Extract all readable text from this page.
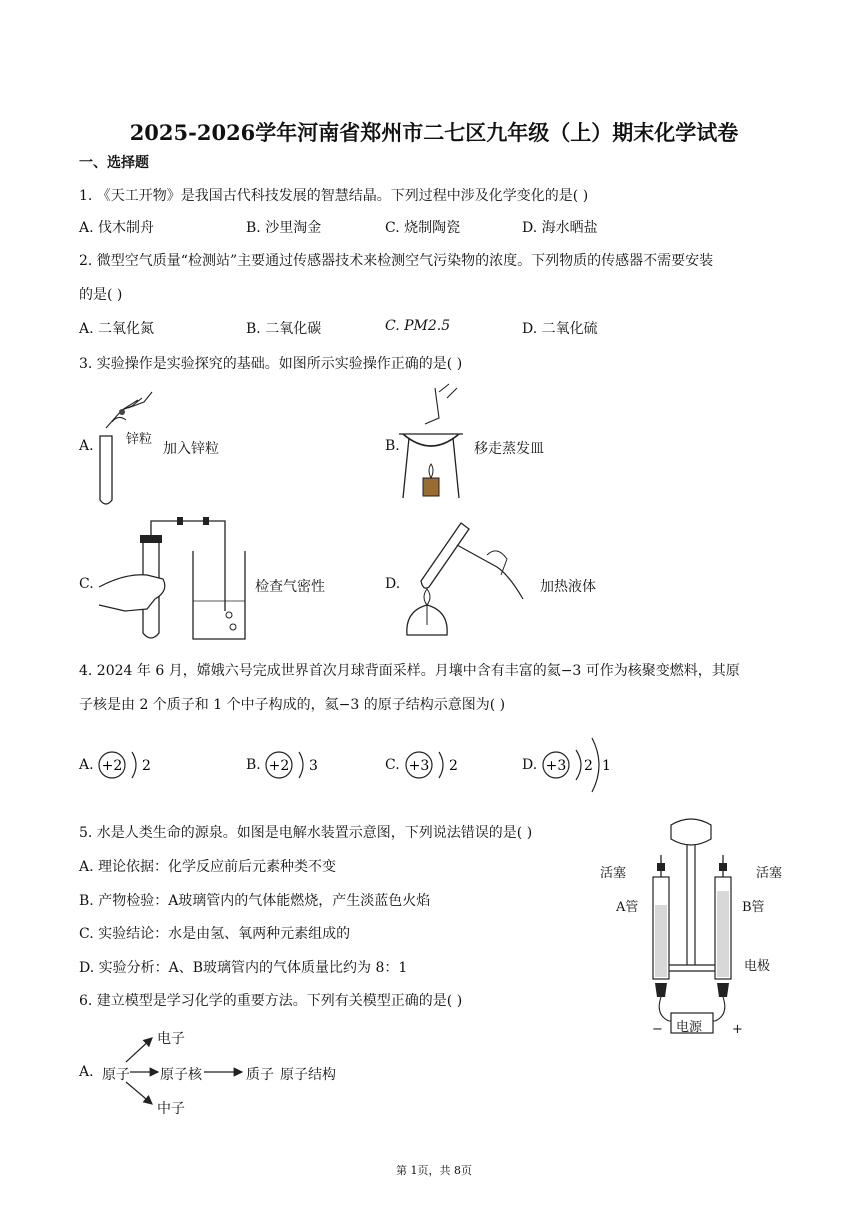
2025-2026学年河南省郑州市二七区九年级（上）期末化学试卷
一、选择题
1. 《天工开物》是我国古代科技发展的智慧结晶。下列过程中涉及化学变化的是( )
A. 伐木制舟	B. 沙里淘金	C. 烧制陶瓷	D. 海水晒盐
2. 微型空气质量“检测站”主要通过传感器技术来检测空气污染物的浓度。下列物质的传感器不需要安装
的是( )
A. 二氧化氮	B. 二氧化碳	C. PM2.5	D. 二氧化硫
3. 实验操作是实验探究的基础。如图所示实验操作正确的是( )
A. 锌粒
加入锌粒	B.	移走蒸发皿
C.	检查气密性	D.	加热液体
4. 2024 年 6 月，嫦娥六号完成世界首次月球背面采样。月壤中含有丰富的氦−3 可作为核聚变燃料，其原
子核是由 2 个质子和 1 个中子构成的，氦−3 的原子结构示意图为( )
A. +2 2	B. +2 3	C. +3 2	D. +3 2 1
5. 水是人类生命的源泉。如图是电解水装置示意图，下列说法错误的是( )
A. 理论依据：化学反应前后元素种类不变
B. 产物检验：A玻璃管内的气体能燃烧，产生淡蓝色火焰
C. 实验结论：水是由氢、氧两种元素组成的
D. 实验分析：A、B玻璃管内的气体质量比约为 8：1
活塞	活塞
A管	B管
电极
电源
−	+
6. 建立模型是学习化学的重要方法。下列有关模型正确的是( )
A. 原子
电子
原子核	质子
中子
原子结构
第 1页，共 8页
